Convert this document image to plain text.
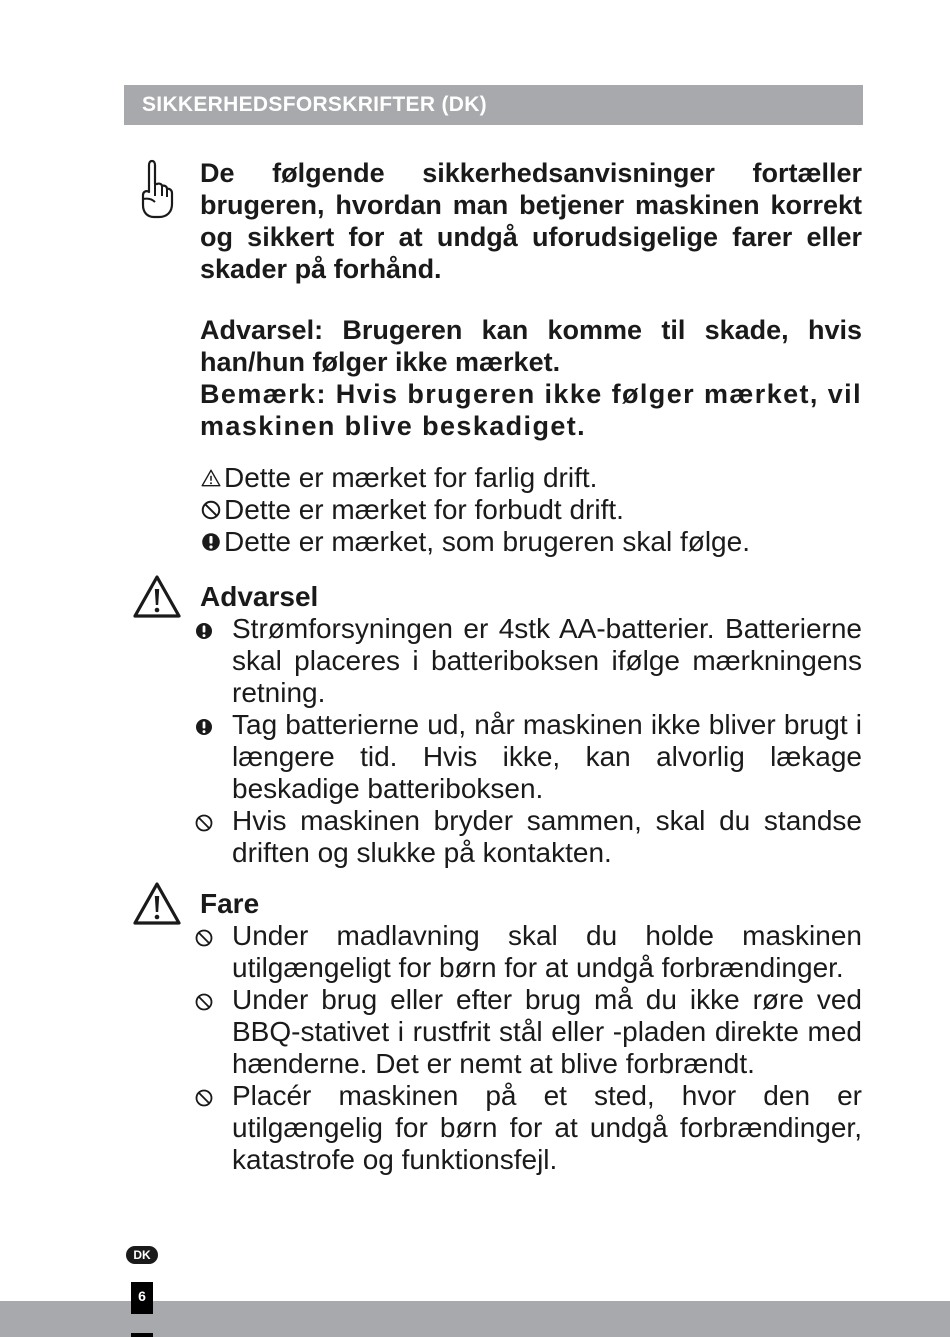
SIKKERHEDSFORSKRIFTER (DK)
De følgende sikkerhedsanvisninger fortæller brugeren, hvordan man betjener maskinen korrekt og sikkert for at undgå uforudsigelige farer eller skader på forhånd.
Advarsel: Brugeren kan komme til skade, hvis han/hun følger ikke mærket.
Bemærk: Hvis brugeren ikke følger mærket, vil maskinen blive beskadiget.
Dette er mærket for farlig drift.
Dette er mærket for forbudt drift.
Dette er mærket, som brugeren skal følge.
Advarsel
Strømforsyningen er 4stk AA-batterier. Batterierne skal placeres i batteriboksen ifølge mærkningens retning.
Tag batterierne ud, når maskinen ikke bliver brugt i længere tid. Hvis ikke, kan alvorlig lækage beskadige batteriboksen.
Hvis maskinen bryder sammen, skal du standse driften og slukke på kontakten.
Fare
Under madlavning skal du holde maskinen utilgængeligt for børn for at undgå forbrændinger.
Under brug eller efter brug må du ikke røre ved BBQ-stativet i rustfrit stål eller -pladen direkte med hænderne. Det er nemt at blive forbrændt.
Placér maskinen på et sted, hvor den er utilgængelig for børn for at undgå forbrændinger, katastrofe og funktionsfejl.
DK
6
